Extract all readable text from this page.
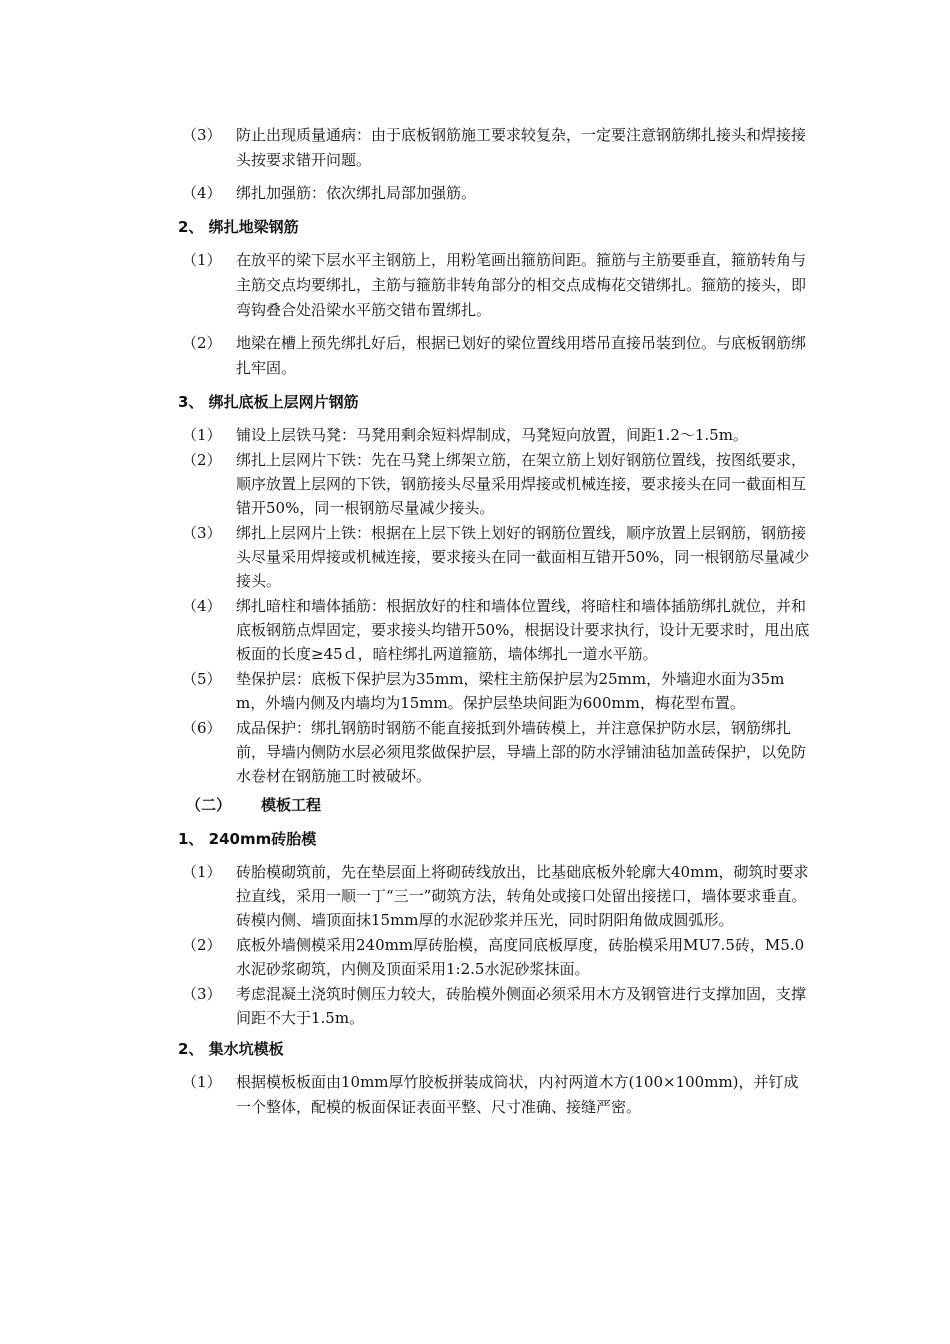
（3） 防止出现质量通病：由于底板钢筋施工要求较复杂，一定要注意钢筋绑扎接头和焊接接头按要求错开问题。
（4） 绑扎加强筋：依次绑扎局部加强筋。
2、 绑扎地梁钢筋
（1） 在放平的梁下层水平主钢筋上，用粉笔画出箍筋间距。箍筋与主筋要垂直，箍筋转角与主筋交点均要绑扎，主筋与箍筋非转角部分的相交点成梅花交错绑扎。箍筋的接头，即弯钩叠合处沿梁水平筋交错布置绑扎。
（2） 地梁在槽上预先绑扎好后，根据已划好的梁位置线用塔吊直接吊装到位。与底板钢筋绑扎牢固。
3、 绑扎底板上层网片钢筋
（1） 铺设上层铁马凳：马凳用剩余短料焊制成，马凳短向放置，间距1.2～1.5m。
（2） 绑扎上层网片下铁：先在马凳上绑架立筋，在架立筋上划好钢筋位置线，按图纸要求，顺序放置上层网的下铁，钢筋接头尽量采用焊接或机械连接，要求接头在同一截面相互错开50%，同一根钢筋尽量减少接头。
（3） 绑扎上层网片上铁：根据在上层下铁上划好的钢筋位置线，顺序放置上层钢筋，钢筋接头尽量采用焊接或机械连接，要求接头在同一截面相互错开50%，同一根钢筋尽量减少接头。
（4） 绑扎暗柱和墙体插筋：根据放好的柱和墙体位置线，将暗柱和墙体插筋绑扎就位，并和底板钢筋点焊固定，要求接头均错开50%，根据设计要求执行，设计无要求时，甩出底板面的长度≥45ｄ，暗柱绑扎两道箍筋，墙体绑扎一道水平筋。
（5） 垫保护层：底板下保护层为35mm，梁柱主筋保护层为25mm，外墙迎水面为35mm，外墙内侧及内墙均为15mm。保护层垫块间距为600mm，梅花型布置。
（6） 成品保护：绑扎钢筋时钢筋不能直接抵到外墙砖模上，并注意保护防水层，钢筋绑扎前，导墙内侧防水层必须甩浆做保护层，导墙上部的防水浮铺油毡加盖砖保护，以免防水卷材在钢筋施工时被破坏。
（二） 模板工程
1、 240mm砖胎模
（1） 砖胎模砌筑前，先在垫层面上将砌砖线放出，比基础底板外轮廓大40mm，砌筑时要求拉直线，采用一顺一丁“三一”砌筑方法，转角处或接口处留出接搓口，墙体要求垂直。砖模内侧、墙顶面抹15mm厚的水泥砂浆并压光，同时阴阳角做成圆弧形。
（2） 底板外墙侧模采用240mm厚砖胎模，高度同底板厚度，砖胎模采用MU7.5砖，M5.0水泥砂浆砌筑，内侧及顶面采用1:2.5水泥砂浆抹面。
（3） 考虑混凝土浇筑时侧压力较大，砖胎模外侧面必须采用木方及钢管进行支撑加固，支撑间距不大于1.5m。
2、 集水坑模板
（1） 根据模板板面由10mm厚竹胶板拼装成筒状，内衬两道木方(100×100mm)，并钉成一个整体，配模的板面保证表面平整、尺寸准确、接缝严密。
